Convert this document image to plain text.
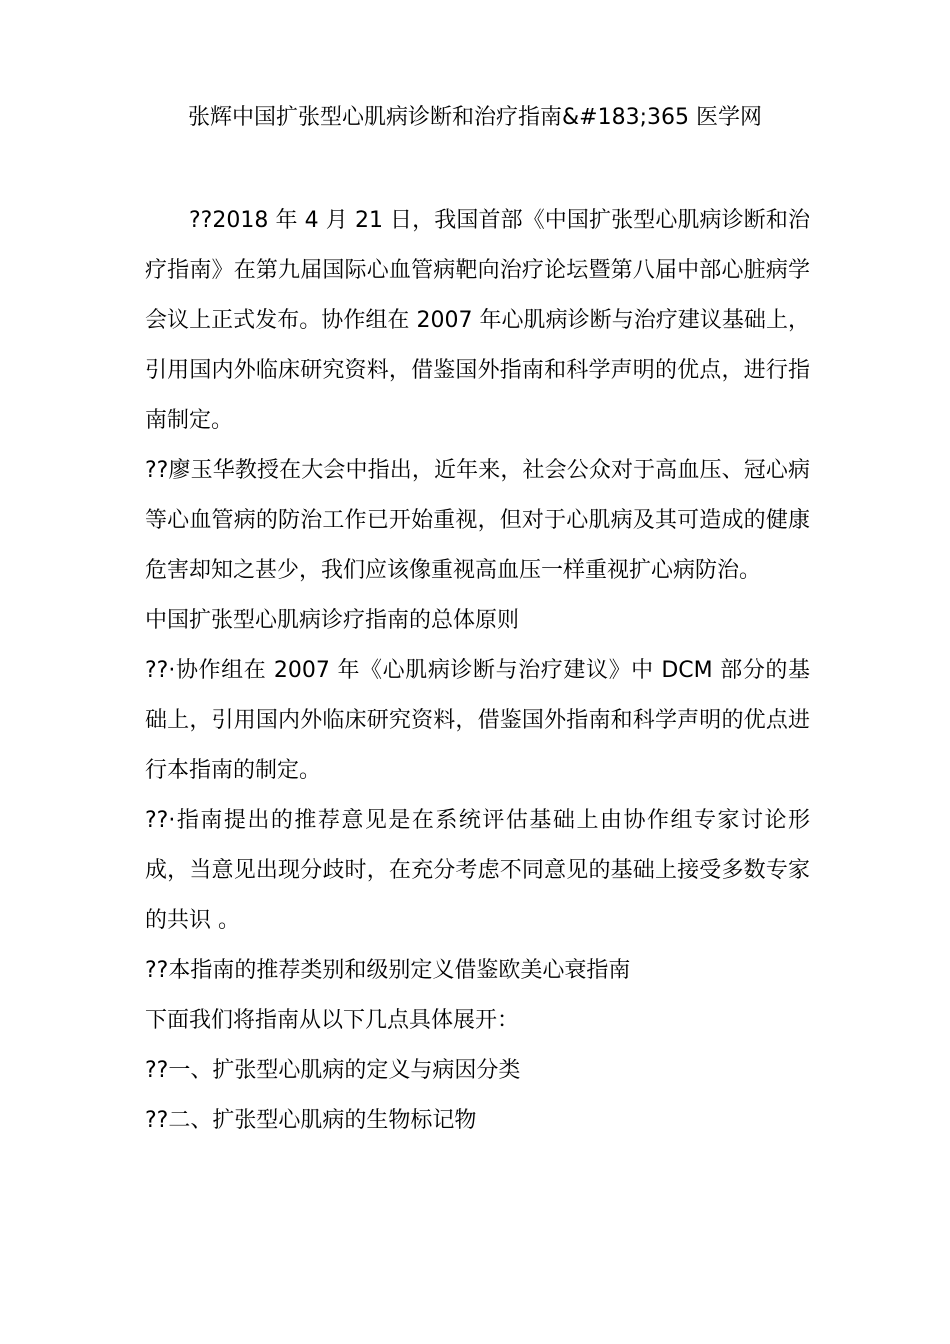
张辉中国扩张型心肌病诊断和治疗指南&#183;365 医学网

??2018 年 4 月 21 日，我国首部《中国扩张型心肌病诊断和治疗指南》在第九届国际心血管病靶向治疗论坛暨第八届中部心脏病学会议上正式发布。协作组在 2007 年心肌病诊断与治疗建议基础上，引用国内外临床研究资料，借鉴国外指南和科学声明的优点，进行指南制定。

??廖玉华教授在大会中指出，近年来，社会公众对于高血压、冠心病等心血管病的防治工作已开始重视，但对于心肌病及其可造成的健康危害却知之甚少，我们应该像重视高血压一样重视扩心病防治。

中国扩张型心肌病诊疗指南的总体原则

??·协作组在 2007 年《心肌病诊断与治疗建议》中 DCM 部分的基础上，引用国内外临床研究资料，借鉴国外指南和科学声明的优点进行本指南的制定。

??·指南提出的推荐意见是在系统评估基础上由协作组专家讨论形成，当意见出现分歧时，在充分考虑不同意见的基础上接受多数专家的共识 。

??本指南的推荐类别和级别定义借鉴欧美心衰指南

下面我们将指南从以下几点具体展开：

??一、扩张型心肌病的定义与病因分类

??二、扩张型心肌病的生物标记物
